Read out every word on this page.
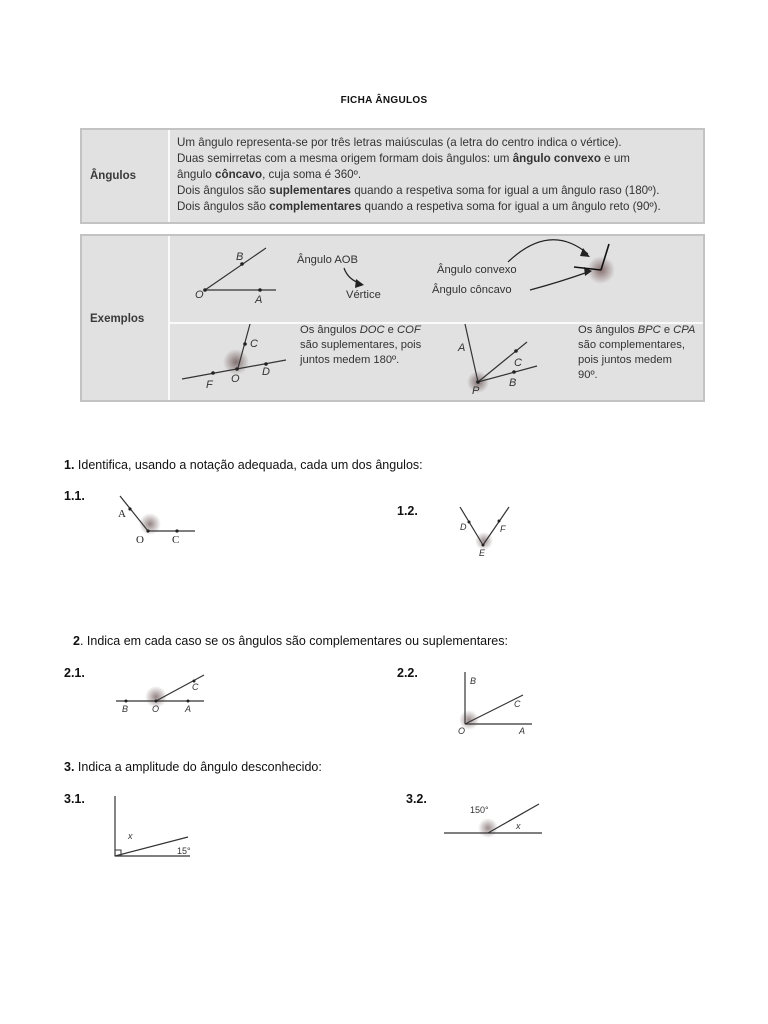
FICHA ÂNGULOS
Ângulos
Um ângulo representa-se por três letras maiúsculas (a letra do centro indica o vértice).
Duas semirretas com a mesma origem formam dois ângulos: um ângulo convexo e um
ângulo côncavo, cuja soma é 360º.
Dois ângulos são suplementares quando a respetiva soma for igual a um ângulo raso (180º).
Dois ângulos são complementares quando a respetiva soma for igual a um ângulo reto (90º).
Exemplos
B
O	A
Ângulo AOB
Vértice
Ângulo convexo
Ângulo côncavo
C
F O
D
Os ângulos DOC e COF
são suplementares, pois
juntos medem 180º.
A
C
P
B
Os ângulos BPC e CPA
são complementares,
pois juntos medem
90º.
1. Identifica, usando a notação adequada, cada um dos ângulos:
1.1.
A
O	C
1.2.
D	F
E
2. Indica em cada caso se os ângulos são complementares ou suplementares:
2.1.
C
B	O	A
2.2.
B
C
O	A
3. Indica a amplitude do ângulo desconhecido:
3.1.
x
15°
3.2.
150°
x
